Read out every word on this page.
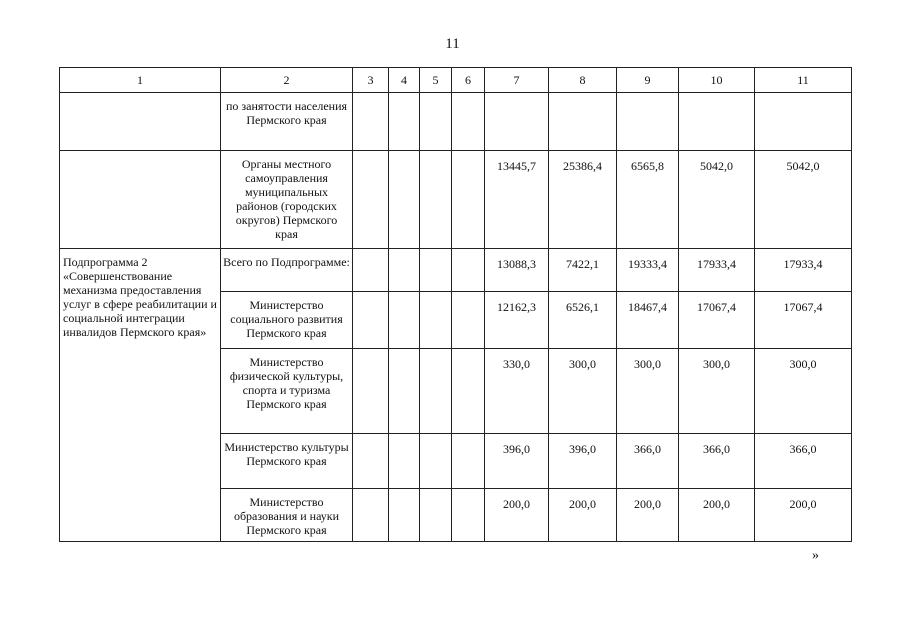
11
1	2	3	4	5	6	7	8	9	10	11
	по занятости населения Пермского края									
	Органы местного самоуправления муниципальных районов (городских округов) Пермского края					13445,7	25386,4	6565,8	5042,0	5042,0
Подпрограмма 2 «Совершенствование механизма предоставления услуг в сфере реабилитации и социальной интеграции инвалидов Пермского края»	Всего по Подпрограмме:					13088,3	7422,1	19333,4	17933,4	17933,4
	Министерство социального развития Пермского края					12162,3	6526,1	18467,4	17067,4	17067,4
	Министерство физической культуры, спорта и туризма Пермского края					330,0	300,0	300,0	300,0	300,0
	Министерство культуры Пермского края					396,0	396,0	366,0	366,0	366,0
	Министерство образования и науки Пермского края					200,0	200,0	200,0	200,0	200,0
»
